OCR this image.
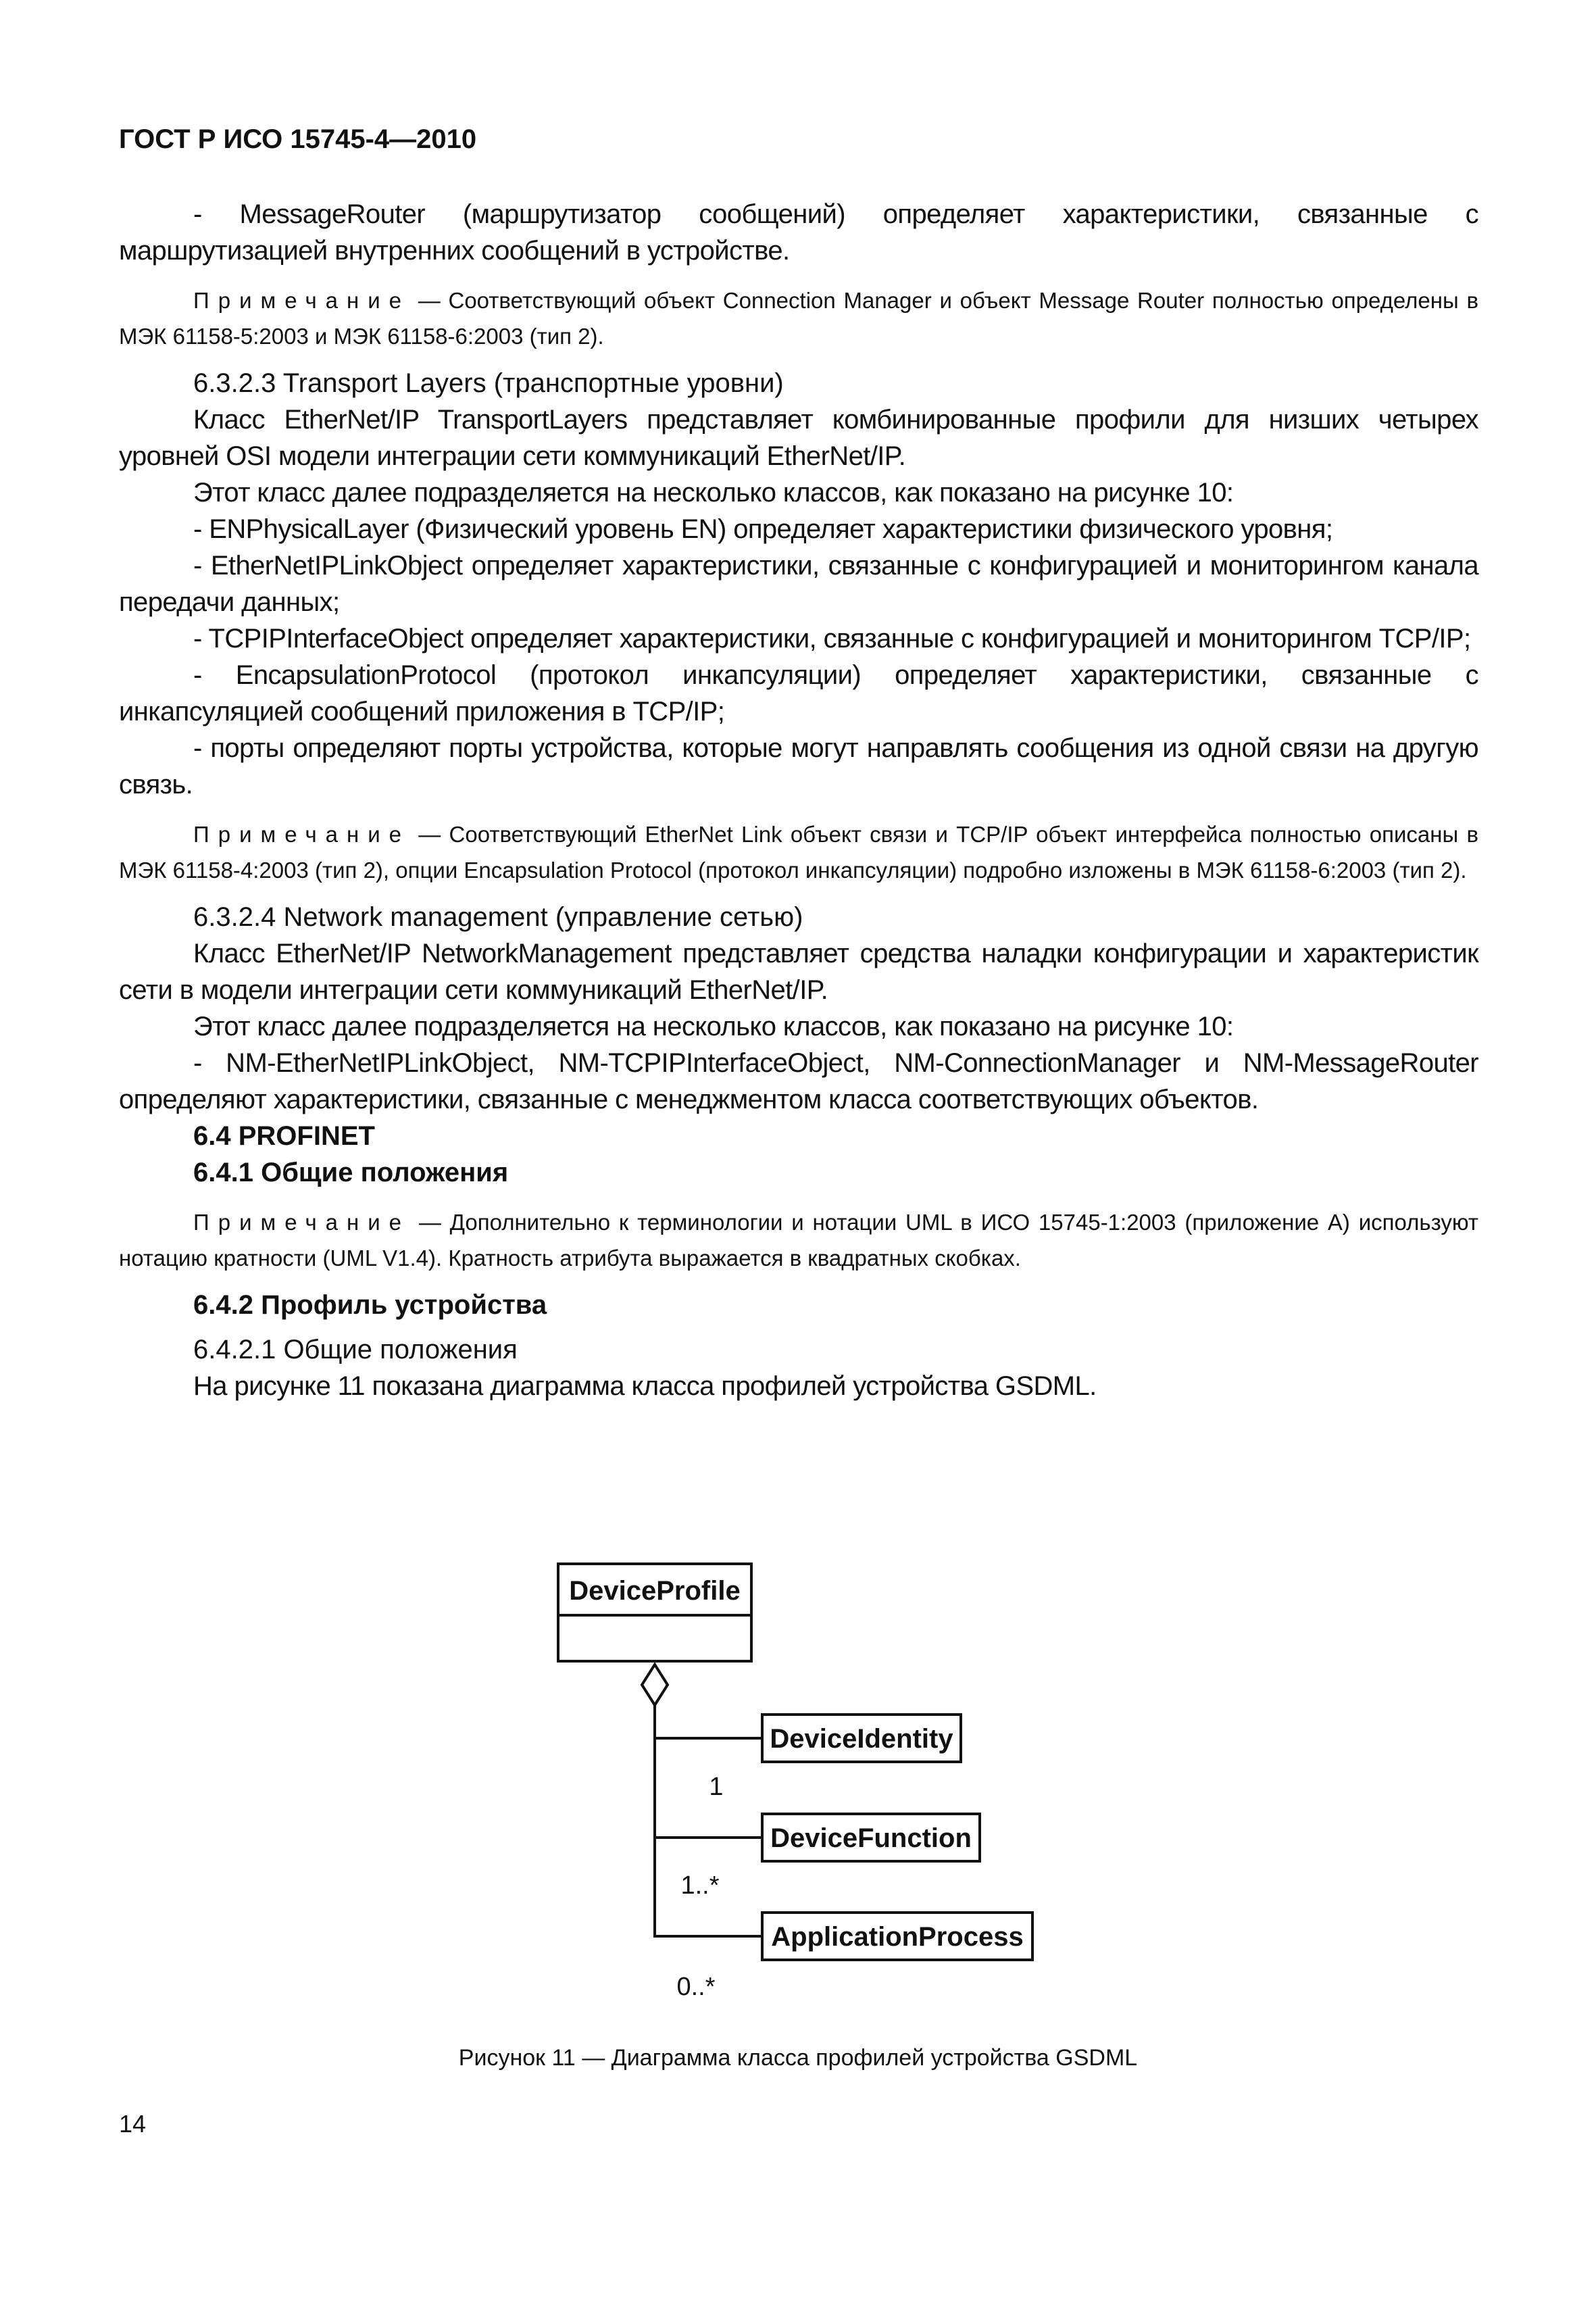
ГОСТ Р ИСО 15745-4—2010

- MessageRouter (маршрутизатор сообщений) определяет характеристики, связанные с маршрутизацией внутренних сообщений в устройстве.

Примечание — Соответствующий объект Connection Manager и объект Message Router полностью определены в МЭК 61158-5:2003 и МЭК 61158-6:2003 (тип 2).

6.3.2.3 Transport Layers (транспортные уровни)

Класс EtherNet/IP TransportLayers представляет комбинированные профили для низших четырех уровней OSI модели интеграции сети коммуникаций EtherNet/IP.

Этот класс далее подразделяется на несколько классов, как показано на рисунке 10:

- ENPhysicalLayer (Физический уровень EN) определяет характеристики физического уровня;

- EtherNetIPLinkObject определяет характеристики, связанные с конфигурацией и мониторингом канала передачи данных;

- TCPIPInterfaceObject определяет характеристики, связанные с конфигурацией и мониторингом TCP/IP;

- EncapsulationProtocol (протокол инкапсуляции) определяет характеристики, связанные с инкапсуляцией сообщений приложения в TCP/IP;

- порты определяют порты устройства, которые могут направлять сообщения из одной связи на другую связь.

Примечание — Соответствующий EtherNet Link объект связи и TCP/IP объект интерфейса полностью описаны в МЭК 61158-4:2003 (тип 2), опции Encapsulation Protocol (протокол инкапсуляции) подробно изложены в МЭК 61158-6:2003 (тип 2).

6.3.2.4 Network management (управление сетью)

Класс EtherNet/IP NetworkManagement представляет средства наладки конфигурации и характеристик сети в модели интеграции сети коммуникаций EtherNet/IP.

Этот класс далее подразделяется на несколько классов, как показано на рисунке 10:

- NM-EtherNetIPLinkObject, NM-TCPIPInterfaceObject, NM-ConnectionManager и NM-MessageRouter определяют характеристики, связанные с менеджментом класса соответствующих объектов.

6.4 PROFINET

6.4.1 Общие положения

Примечание — Дополнительно к терминологии и нотации UML в ИСО 15745-1:2003 (приложение А) используют нотацию кратности (UML V1.4). Кратность атрибута выражается в квадратных скобках.

6.4.2 Профиль устройства

6.4.2.1 Общие положения

На рисунке 11 показана диаграмма класса профилей устройства GSDML.

DeviceProfile
DeviceIdentity
1
DeviceFunction
1..*
ApplicationProcess
0..*
Рисунок 11 — Диаграмма класса профилей устройства GSDML
14
